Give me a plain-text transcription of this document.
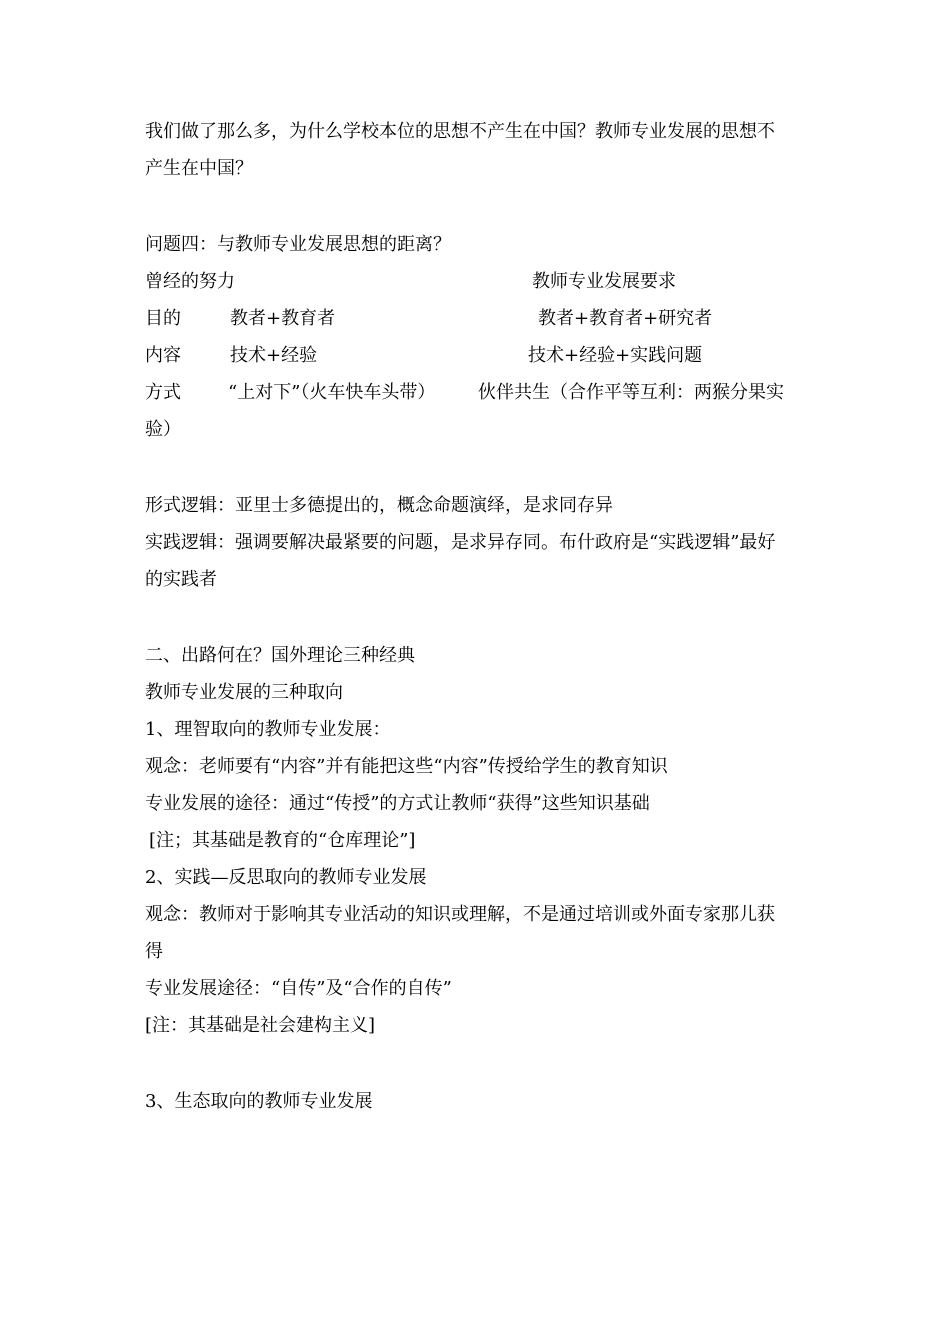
我们做了那么多，为什么学校本位的思想不产生在中国？教师专业发展的思想不
产生在中国？
问题四：与教师专业发展思想的距离？
曾经的努力	教师专业发展要求
目的	教者+教育者	教者+教育者+研究者
内容	技术+经验	技术+经验+实践问题
方式	“上对下”（火车快车头带） 伙伴共生（合作平等互利：两猴分果实
验）
形式逻辑：亚里士多德提出的，概念命题演绎，是求同存异
实践逻辑：强调要解决最紧要的问题，是求异存同。布什政府是“实践逻辑”最好
的实践者
二、出路何在？国外理论三种经典
教师专业发展的三种取向
1、理智取向的教师专业发展：
观念：老师要有“内容”并有能把这些“内容”传授给学生的教育知识
专业发展的途径：通过“传授”的方式让教师“获得”这些知识基础
[注；其基础是教育的“仓库理论”]
2、实践—反思取向的教师专业发展
观念：教师对于影响其专业活动的知识或理解，不是通过培训或外面专家那儿获
得
专业发展途径：“自传”及“合作的自传”
[注：其基础是社会建构主义]
3、生态取向的教师专业发展
